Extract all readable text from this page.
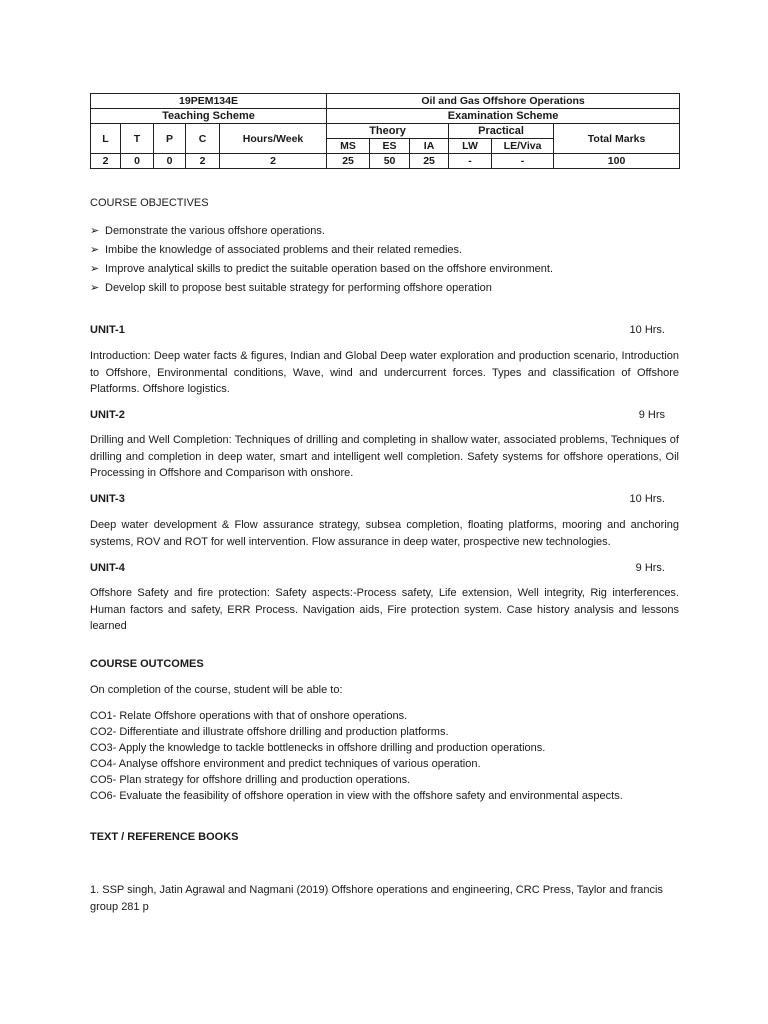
19PEM134E					Oil and Gas Offshore Operations					
Teaching Scheme					Examination Scheme					
L	T	P	C	Hours/Week	Theory			Practical		Total Marks
					MS	ES	IA	LW	LE/Viva	
2	0	0	2	2	25	50	25	-	-	100
COURSE OBJECTIVES
➢ Demonstrate the various offshore operations.
➢ Imbibe the knowledge of associated problems and their related remedies.
➢ Improve analytical skills to predict the suitable operation based on the offshore environment.
➢ Develop skill to propose best suitable strategy for performing offshore operation
UNIT-1	10 Hrs.
Introduction: Deep water facts & figures, Indian and Global Deep water exploration and production scenario, Introduction to Offshore, Environmental conditions, Wave, wind and undercurrent forces. Types and classification of Offshore Platforms. Offshore logistics.
UNIT-2	9 Hrs
Drilling and Well Completion: Techniques of drilling and completing in shallow water, associated problems, Techniques of drilling and completion in deep water, smart and intelligent well completion. Safety systems for offshore operations, Oil Processing in Offshore and Comparison with onshore.
UNIT-3	10 Hrs.
Deep water development & Flow assurance strategy, subsea completion, floating platforms, mooring and anchoring systems, ROV and ROT for well intervention. Flow assurance in deep water, prospective new technologies.
UNIT-4	9 Hrs.
Offshore Safety and fire protection: Safety aspects:-Process safety, Life extension, Well integrity, Rig interferences. Human factors and safety, ERR Process. Navigation aids, Fire protection system. Case history analysis and lessons learned
COURSE OUTCOMES
On completion of the course, student will be able to:
CO1- Relate Offshore operations with that of onshore operations.
CO2- Differentiate and illustrate offshore drilling and production platforms.
CO3- Apply the knowledge to tackle bottlenecks in offshore drilling and production operations.
CO4- Analyse offshore environment and predict techniques of various operation.
CO5- Plan strategy for offshore drilling and production operations.
CO6- Evaluate the feasibility of offshore operation in view with the offshore safety and environmental aspects.
TEXT / REFERENCE BOOKS
1. SSP singh, Jatin Agrawal and Nagmani (2019) Offshore operations and engineering, CRC Press, Taylor and francis group 281 p
